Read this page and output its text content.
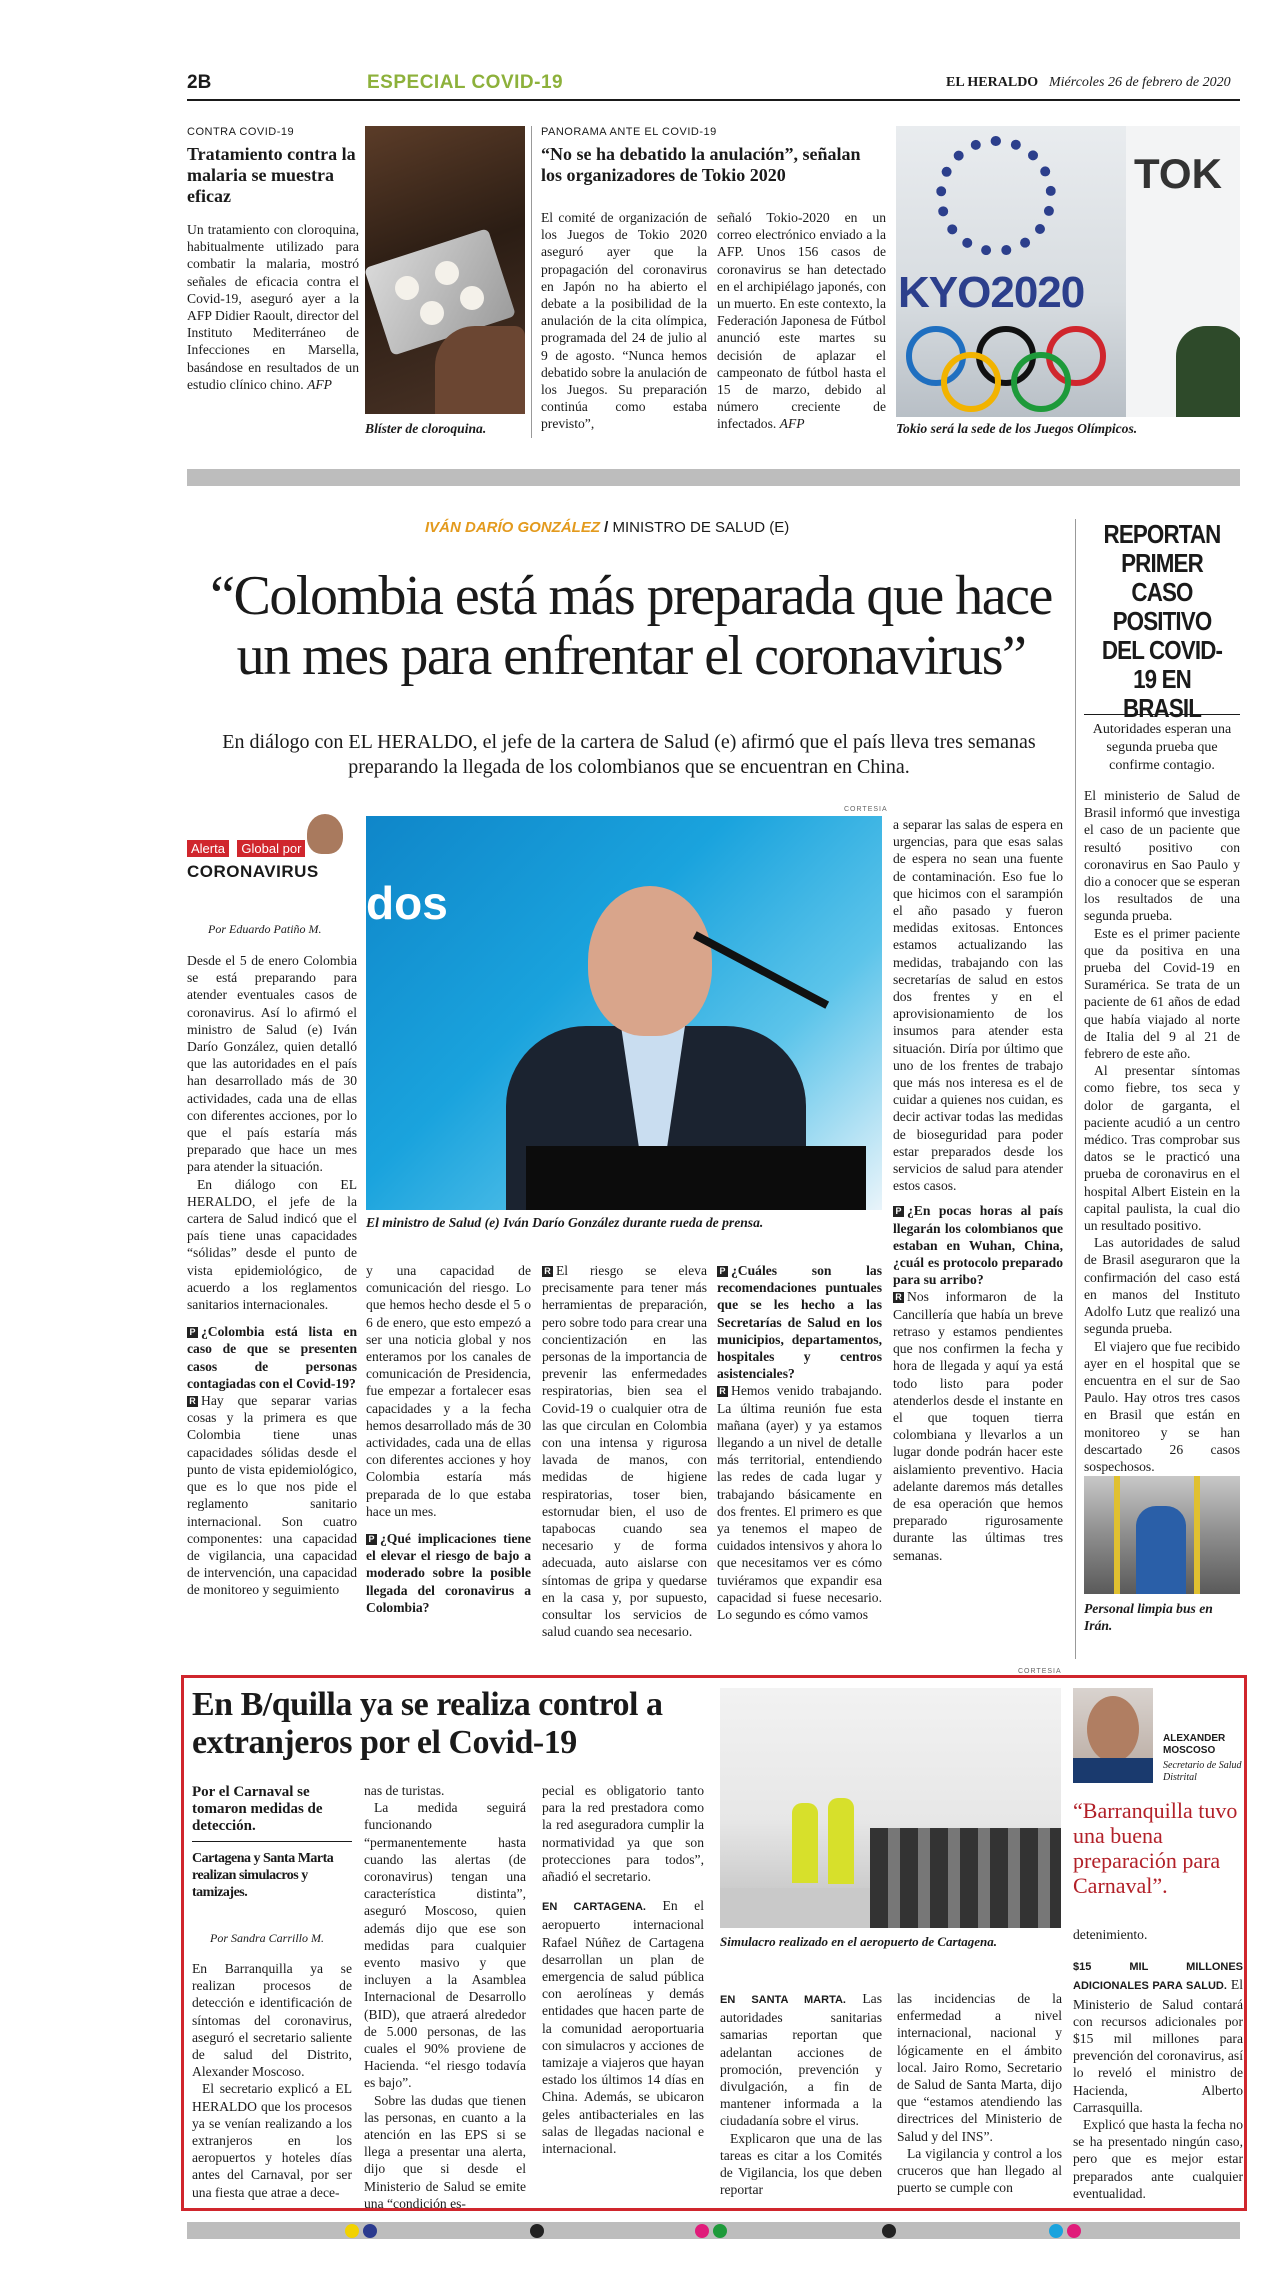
2B	ESPECIAL COVID-19	EL HERALDO Miércoles 26 de febrero de 2020
CONTRA COVID-19
Tratamiento contra la malaria se muestra eficaz
Un tratamiento con cloroquina, habitualmente utilizado para combatir la malaria, mostró señales de eficacia contra el Covid-19, aseguró ayer a la AFP Didier Raoult, director del Instituto Mediterráneo de Infecciones en Marsella, basándose en resultados de un estudio clínico chino. AFP
Blíster de cloroquina.
PANORAMA ANTE EL COVID-19
“No se ha debatido la anulación”, señalan los organizadores de Tokio 2020
El comité de organización de los Juegos de Tokio 2020 aseguró ayer que la propagación del coronavirus en Japón no ha abierto el debate a la posibilidad de la anulación de la cita olímpica, programada del 24 de julio al 9 de agosto. “Nunca hemos debatido sobre la anulación de los Juegos. Su preparación continúa como estaba previsto”,
señaló Tokio-2020 en un correo electrónico enviado a la AFP. Unos 156 casos de coronavirus se han detectado en el archipiélago japonés, con un muerto. En este contexto, la Federación Japonesa de Fútbol anunció este martes su decisión de aplazar el campeonato de fútbol hasta el 15 de marzo, debido al número creciente de infectados. AFP
TOK
KYO2020
Tokio será la sede de los Juegos Olímpicos.
IVÁN DARÍO GONZÁLEZ / MINISTRO DE SALUD (E)
“Colombia está más preparada que hace un mes para enfrentar el coronavirus”
En diálogo con EL HERALDO, el jefe de la cartera de Salud (e) afirmó que el país lleva tres semanas preparando la llegada de los colombianos que se encuentran en China.
Alerta Global por
CORONAVIRUS
Por Eduardo Patiño M.

Desde el 5 de enero Colombia se está preparando para atender eventuales casos de coronavirus. Así lo afirmó el ministro de Salud (e) Iván Darío González, quien detalló que las autoridades en el país han desarrollado más de 30 actividades, cada una de ellas con diferentes acciones, por lo que el país estaría más preparado que hace un mes para atender la situación.

En diálogo con EL HERALDO, el jefe de la cartera de Salud indicó que el país tiene unas capacidades “sólidas” desde el punto de vista epidemiológico, de acuerdo a los reglamentos sanitarios internacionales.

P ¿Colombia está lista en caso de que se presenten casos de personas contagiadas con el Covid-19?

R Hay que separar varias cosas y la primera es que Colombia tiene unas capacidades sólidas desde el punto de vista epidemiológico, que es lo que nos pide el reglamento sanitario internacional. Son cuatro componentes: una capacidad de vigilancia, una capacidad de intervención, una capacidad de monitoreo y seguimiento

CORTESIA
dos
El ministro de Salud (e) Iván Darío González durante rueda de prensa.

y una capacidad de comunicación del riesgo. Lo que hemos hecho desde el 5 o 6 de enero, que esto empezó a ser una noticia global y nos enteramos por los canales de comunicación de Presidencia, fue empezar a fortalecer esas capacidades y a la fecha hemos desarrollado más de 30 actividades, cada una de ellas con diferentes acciones y hoy Colombia estaría más preparada de lo que estaba hace un mes.

P ¿Qué implicaciones tiene el elevar el riesgo de bajo a moderado sobre la posible llegada del coronavirus a Colombia?

R El riesgo se eleva precisamente para tener más herramientas de preparación, pero sobre todo para crear una concientización en las personas de la importancia de prevenir las enfermedades respiratorias, bien sea el Covid-19 o cualquier otra de las que circulan en Colombia con una intensa y rigurosa lavada de manos, con medidas de higiene respiratorias, toser bien, estornudar bien, el uso de tapabocas cuando sea necesario y de forma adecuada, auto aislarse con síntomas de gripa y quedarse en la casa y, por supuesto, consultar los servicios de salud cuando sea necesario.

P ¿Cuáles son las recomendaciones puntuales que se les hecho a las Secretarías de Salud en los municipios, departamentos, hospitales y centros asistenciales?

R Hemos venido trabajando. La última reunión fue esta mañana (ayer) y ya estamos llegando a un nivel de detalle más territorial, entendiendo las redes de cada lugar y trabajando básicamente en dos frentes. El primero es que ya tenemos el mapeo de cuidados intensivos y ahora lo que necesitamos ver es cómo tuviéramos que expandir esa capacidad si fuese necesario. Lo segundo es cómo vamos

a separar las salas de espera en urgencias, para que esas salas de espera no sean una fuente de contaminación. Eso fue lo que hicimos con el sarampión el año pasado y fueron medidas exitosas. Entonces estamos actualizando las medidas, trabajando con las secretarías de salud en estos dos frentes y en el aprovisionamiento de los insumos para atender esta situación. Diría por último que uno de los frentes de trabajo que más nos interesa es el de cuidar a quienes nos cuidan, es decir activar todas las medidas de bioseguridad para poder estar preparados desde los servicios de salud para atender estos casos.

P ¿En pocas horas al país llegarán los colombianos que estaban en Wuhan, China, ¿cuál es protocolo preparado para su arribo?

R Nos informaron de la Cancillería que había un breve retraso y estamos pendientes que nos confirmen la fecha y hora de llegada y aquí ya está todo listo para poder atenderlos desde el instante en el que toquen tierra colombiana y llevarlos a un lugar donde podrán hacer este aislamiento preventivo. Hacia adelante daremos más detalles de esa operación que hemos preparado rigurosamente durante las últimas tres semanas.

REPORTAN PRIMER CASO POSITIVO DEL COVID-19 EN BRASIL
Autoridades esperan una segunda prueba que confirme contagio.

El ministerio de Salud de Brasil informó que investiga el caso de un paciente que resultó positivo con coronavirus en Sao Paulo y dio a conocer que se esperan los resultados de una segunda prueba.

Este es el primer paciente que da positiva en una prueba del Covid-19 en Suramérica. Se trata de un paciente de 61 años de edad que había viajado al norte de Italia del 9 al 21 de febrero de este año.

Al presentar síntomas como fiebre, tos seca y dolor de garganta, el paciente acudió a un centro médico. Tras comprobar sus datos se le practicó una prueba de coronavirus en el hospital Albert Eistein en la capital paulista, la cual dio un resultado positivo.

Las autoridades de salud de Brasil aseguraron que la confirmación del caso está en manos del Instituto Adolfo Lutz que realizó una segunda prueba.

El viajero que fue recibido ayer en el hospital que se encuentra en el sur de Sao Paulo. Hay otros tres casos en Brasil que están en monitoreo y se han descartado 26 casos sospechosos.

Personal limpia bus en Irán.
CORTESIA
En B/quilla ya se realiza control a extranjeros por el Covid-19
Por el Carnaval se tomaron medidas de detección.
Cartagena y Santa Marta realizan simulacros y tamizajes.
Por Sandra Carrillo M.

En Barranquilla ya se realizan procesos de detección e identificación de síntomas del coronavirus, aseguró el secretario saliente de salud del Distrito, Alexander Moscoso.

El secretario explicó a EL HERALDO que los procesos ya se venían realizando a los extranjeros en los aeropuertos y hoteles días antes del Carnaval, por ser una fiesta que atrae a dece-

nas de turistas.

La medida seguirá funcionando “permanentemente hasta cuando las alertas (de coronavirus) tengan una característica distinta”, aseguró Moscoso, quien además dijo que ese son medidas para cualquier evento masivo y que incluyen a la Asamblea Internacional de Desarrollo (BID), que atraerá alrededor de 5.000 personas, de las cuales el 90% proviene de Hacienda. “el riesgo todavía es bajo”.

Sobre las dudas que tienen las personas, en cuanto a la atención en las EPS si se llega a presentar una alerta, dijo que si desde el Ministerio de Salud se emite una “condición es-

pecial es obligatorio tanto para la red prestadora como la red aseguradora cumplir la normatividad ya que son protecciones para todos”, añadió el secretario.

EN CARTAGENA. En el aeropuerto internacional Rafael Núñez de Cartagena desarrollan un plan de emergencia de salud pública con aerolíneas y demás entidades que hacen parte de la comunidad aeroportuaria con simulacros y acciones de tamizaje a viajeros que hayan estado los últimos 14 días en China. Además, se ubicaron geles antibacteriales en las salas de llegadas nacional e internacional.

Simulacro realizado en el aeropuerto de Cartagena.

EN SANTA MARTA. Las autoridades sanitarias samarias reportan que adelantan acciones de promoción, prevención y divulgación, a fin de mantener informada a la ciudadanía sobre el virus.

Explicaron que una de las tareas es citar a los Comités de Vigilancia, los que deben reportar

las incidencias de la enfermedad a nivel internacional, nacional y lógicamente en el ámbito local. Jairo Romo, Secretario de Salud de Santa Marta, dijo que “estamos atendiendo las directrices del Ministerio de Salud y del INS”.

La vigilancia y control a los cruceros que han llegado al puerto se cumple con

ALEXANDER MOSCOSO
Secretario de Salud Distrital
“Barranquilla tuvo una buena preparación para Carnaval”.

detenimiento.

$15 MIL MILLONES ADICIONALES PARA SALUD. El Ministerio de Salud contará con recursos adicionales por $15 mil millones para prevención del coronavirus, así lo reveló el ministro de Hacienda, Alberto Carrasquilla.

Explicó que hasta la fecha no se ha presentado ningún caso, pero que es mejor estar preparados ante cualquier eventualidad.
